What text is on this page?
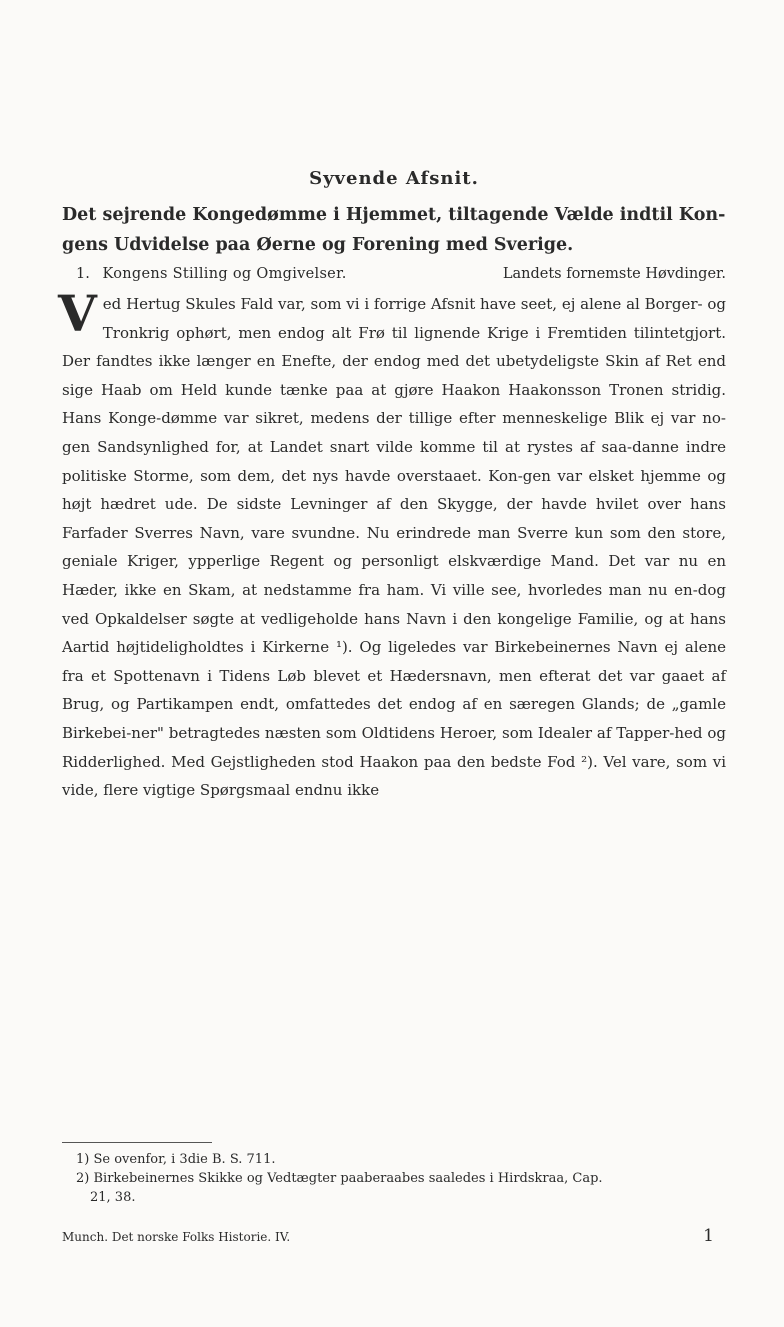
Syvende Afsnit.
Det sejrende Kongedømme i Hjemmet, tiltagende Vælde indtil Kon-
gens Udvidelse paa Øerne og Forening med Sverige.
1. Kongens Stilling og Omgivelser.	Landets fornemste Høvdinger.
V ed Hertug Skules Fald var, som vi i forrige Afsnit have seet, ej alene al Borger- og Tronkrig ophørt, men endog alt Frø til lignende Krige i Fremtiden tilintetgjort. Der fandtes ikke længer en Enefte, der endog med det ubetydeligste Skin af Ret end sige Haab om Held kunde tænke paa at gjøre Haakon Haakonsson Tronen stridig. Hans Konge-dømme var sikret, medens der tillige efter menneskelige Blik ej var no-gen Sandsynlighed for, at Landet snart vilde komme til at rystes af saa-danne indre politiske Storme, som dem, det nys havde overstaaet. Kon-gen var elsket hjemme og højt hædret ude. De sidste Levninger af den Skygge, der havde hvilet over hans Farfader Sverres Navn, vare svundne. Nu erindrede man Sverre kun som den store, geniale Kriger, ypperlige Regent og personligt elskværdige Mand. Det var nu en Hæder, ikke en Skam, at nedstamme fra ham. Vi ville see, hvorledes man nu en-dog ved Opkaldelser søgte at vedligeholde hans Navn i den kongelige Familie, og at hans Aartid højtideligholdtes i Kirkerne ¹). Og ligeledes var Birkebeinernes Navn ej alene fra et Spottenavn i Tidens Løb blevet et Hædersnavn, men efterat det var gaaet af Brug, og Partikampen endt, omfattedes det endog af en særegen Glands; de „gamle Birkebei-ner" betragtedes næsten som Oldtidens Heroer, som Idealer af Tapper-hed og Ridderlighed. Med Gejstligheden stod Haakon paa den bedste Fod ²). Vel vare, som vi vide, flere vigtige Spørgsmaal endnu ikke

1) Se ovenfor, i 3die B. S. 711.

2) Birkebeinernes Skikke og Vedtægter paaberaabes saaledes i Hirdskraa, Cap.

21, 38.

Munch. Det norske Folks Historie. IV.	1
